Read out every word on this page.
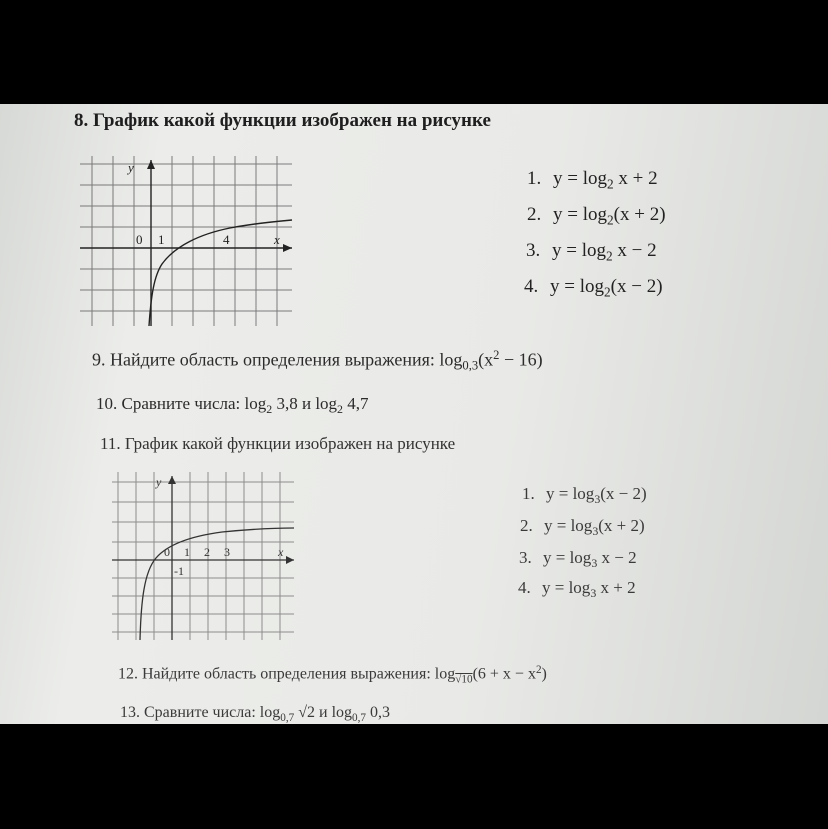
8. График какой функции изображен на рисунке
y
0 1	4	x
1. $y = \log_2 x + 2$
2. $y = \log_2(x + 2)$
3. $y = \log_2 x - 2$
4. $y = \log_2(x - 2)$
9. Найдите область определения выражения: $\log_{0,3}(x^2 - 16)$
10. Сравните числа: $\log_2 3,8$ и $\log_2 4,7$
11. График какой функции изображен на рисунке
y
0 1 2 3	x
-1
1. $y = \log_3(x - 2)$
2. $y = \log_3(x + 2)$
3. $y = \log_3 x - 2$
4. $y = \log_3 x + 2$
12. Найдите область определения выражения: $\log_{√10}(6 + x - x^2)$
13. Сравните числа: $\log_{0,7} √2$ и $\log_{0,7} 0,3$
